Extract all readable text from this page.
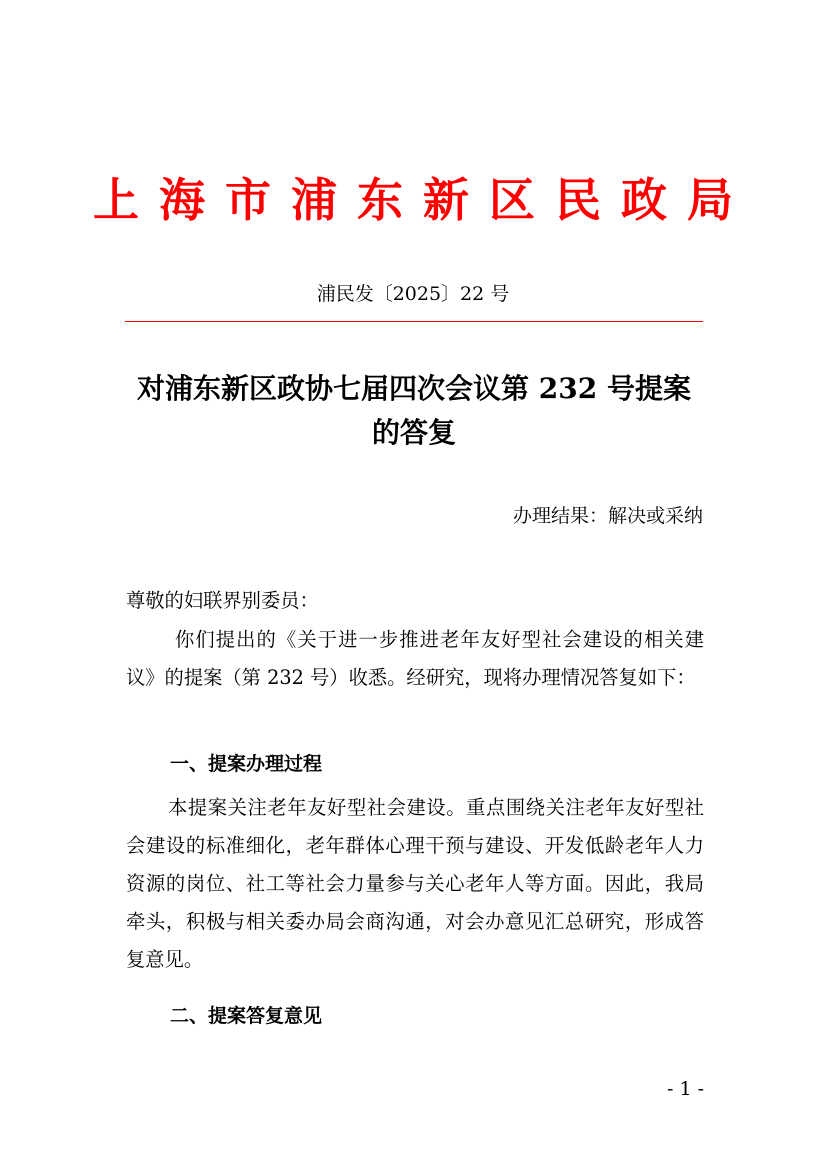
上海市浦东新区民政局
浦民发〔2025〕22 号
对浦东新区政协七届四次会议第 232 号提案
的答复
办理结果：解决或采纳
尊敬的妇联界别委员：
你们提出的《关于进一步推进老年友好型社会建设的相关建议》的提案（第 232 号）收悉。经研究，现将办理情况答复如下：
一、提案办理过程
本提案关注老年友好型社会建设。重点围绕关注老年友好型社会建设的标准细化，老年群体心理干预与建设、开发低龄老年人力资源的岗位、社工等社会力量参与关心老年人等方面。因此，我局牵头，积极与相关委办局会商沟通，对会办意见汇总研究，形成答复意见。
二、提案答复意见
- 1 -
